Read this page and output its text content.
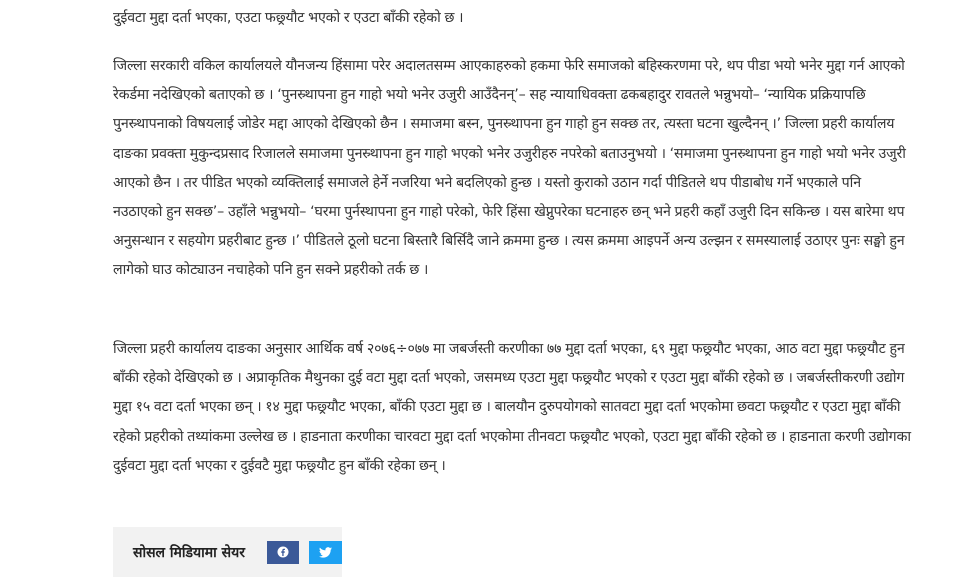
दुईवटा मुद्दा दर्ता भएका, एउटा फछ्र्यौट भएको र एउटा बाँकी रहेको छ ।

जिल्ला सरकारी वकिल कार्यालयले यौनजन्य हिंसामा परेर अदालतसम्म आएकाहरुको हकमा फेरि समाजको बहिस्करणमा परे, थप पीडा भयो भनेर मुद्दा गर्न आएको रेकर्डमा नदेखिएको बताएको छ । ‘पुनस्र्थापना हुन गाहो भयो भनेर उजुरी आउँदैनन्’– सह न्यायाधिवक्ता ढकबहादुर रावतले भन्नुभयो– ‘न्यायिक प्रक्रियापछि पुनस्र्थापनाको विषयलाई जोडेर मद्दा आएको देखिएको छैन । समाजमा बस्न, पुनस्र्थापना हुन गाहो हुन सक्छ तर, त्यस्ता घटना खुल्दैनन् ।’ जिल्ला प्रहरी कार्यालय दाङका प्रवक्ता मुकुन्दप्रसाद रिजालले समाजमा पुनस्र्थापना हुन गाहो भएको भनेर उजुरीहरु नपरेको बताउनुभयो । ‘समाजमा पुनस्र्थापना हुन गाहो भयो भनेर उजुरी आएको छैन । तर पीडित भएको व्यक्तिलाई समाजले हेर्ने नजरिया भने बदलिएको हुन्छ । यस्तो कुराको उठान गर्दा पीडितले थप पीडाबोध गर्ने भएकाले पनि नउठाएको हुन सक्छ’– उहाँले भन्नुभयो– ‘घरमा पुर्नस्थापना हुन गाहो परेको, फेरि हिंसा खेप्नुपरेका घटनाहरु छन् भने प्रहरी कहाँ उजुरी दिन सकिन्छ । यस बारेमा थप अनुसन्धान र सहयोग प्रहरीबाट हुन्छ ।’ पीडितले ठूलो घटना बिस्तारै बिर्सिदै जाने क्रममा हुन्छ । त्यस क्रममा आइपर्ने अन्य उल्झन र समस्यालाई उठाएर पुनः सङ्घो हुन लागेको घाउ कोट्याउन नचाहेको पनि हुन सक्ने प्रहरीको तर्क छ ।

जिल्ला प्रहरी कार्यालय दाङका अनुसार आर्थिक वर्ष २०७६÷०७७ मा जबर्जस्ती करणीका ७७ मुद्दा दर्ता भएका, ६९ मुद्दा फछ्र्यौट भएका, आठ वटा मुद्दा फछ्र्यौट हुन बाँकी रहेको देखिएको छ । अप्राकृतिक मैथुनका दुई वटा मुद्दा दर्ता भएको, जसमध्य एउटा मुद्दा फछ्र्यौट भएको र एउटा मुद्दा बाँकी रहेको छ । जबर्जस्तीकरणी उद्योग मुद्दा १५ वटा दर्ता भएका छन् । १४ मुद्दा फछ्र्यौट भएका, बाँकी एउटा मुद्दा छ । बालयौन दुरुपयोगको सातवटा मुद्दा दर्ता भएकोमा छवटा फछ्र्यौट र एउटा मुद्दा बाँकी रहेको प्रहरीको तथ्यांकमा उल्लेख छ । हाडनाता करणीका चारवटा मुद्दा दर्ता भएकोमा तीनवटा फछ्र्यौट भएको, एउटा मुद्दा बाँकी रहेको छ । हाडनाता करणी उद्योगका दुईवटा मुद्दा दर्ता भएका र दुईवटै मुद्दा फछ्र्यौट हुन बाँकी रहेका छन् ।

सोसल मिडियामा सेयर
